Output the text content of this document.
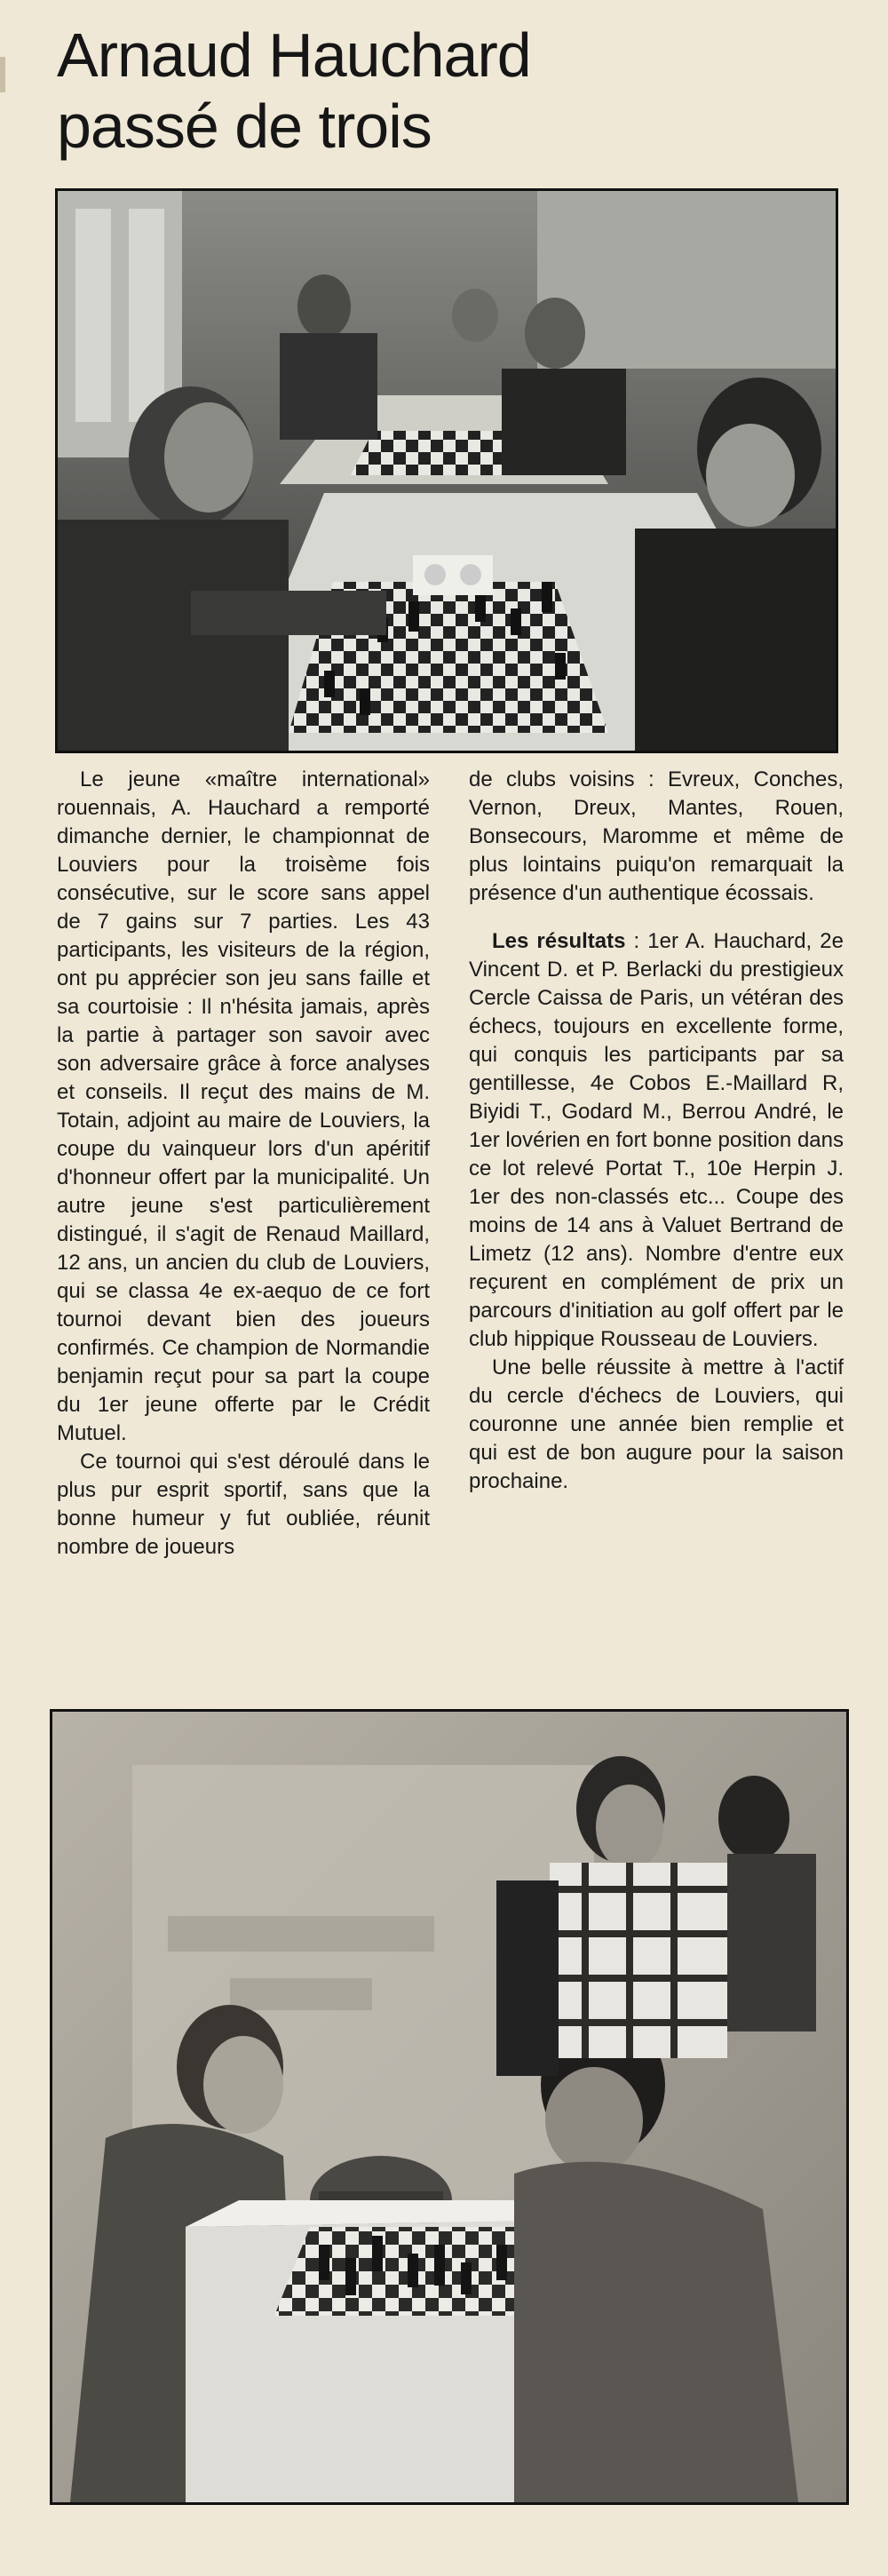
Arnaud Hauchard
passé de trois

Le jeune «maître international» rouennais, A. Hauchard a remporté dimanche dernier, le championnat de Louviers pour la troisème fois consécutive, sur le score sans appel de 7 gains sur 7 parties. Les 43 participants, les visiteurs de la région, ont pu apprécier son jeu sans faille et sa courtoisie : Il n'hésita jamais, après la partie à partager son savoir avec son adversaire grâce à force analyses et conseils. Il reçut des mains de M. Totain, adjoint au maire de Louviers, la coupe du vainqueur lors d'un apéritif d'honneur offert par la municipalité. Un autre jeune s'est particulièrement distingué, il s'agit de Renaud Maillard, 12 ans, un ancien du club de Louviers, qui se classa 4e ex-aequo de ce fort tournoi devant bien des joueurs confirmés. Ce champion de Normandie benjamin reçut pour sa part la coupe du 1er jeune offerte par le Crédit Mutuel.

Ce tournoi qui s'est déroulé dans le plus pur esprit sportif, sans que la bonne humeur y fut oubliée, réunit nombre de joueurs

de clubs voisins : Evreux, Conches, Vernon, Dreux, Mantes, Rouen, Bonsecours, Maromme et même de plus lointains puiqu'on remarquait la présence d'un authentique écossais.

Les résultats : 1er A. Hauchard, 2e Vincent D. et P. Berlacki du prestigieux Cercle Caissa de Paris, un vétéran des échecs, toujours en excellente forme, qui conquis les participants par sa gentillesse, 4e Cobos E.-Maillard R, Biyidi T., Godard M., Berrou André, le 1er lovérien en fort bonne position dans ce lot relevé Portat T., 10e Herpin J. 1er des non-classés etc... Coupe des moins de 14 ans à Valuet Bertrand de Limetz (12 ans). Nombre d'entre eux reçurent en complément de prix un parcours d'initiation au golf offert par le club hippique Rousseau de Louviers.

Une belle réussite à mettre à l'actif du cercle d'échecs de Louviers, qui couronne une année bien remplie et qui est de bon augure pour la saison prochaine.
